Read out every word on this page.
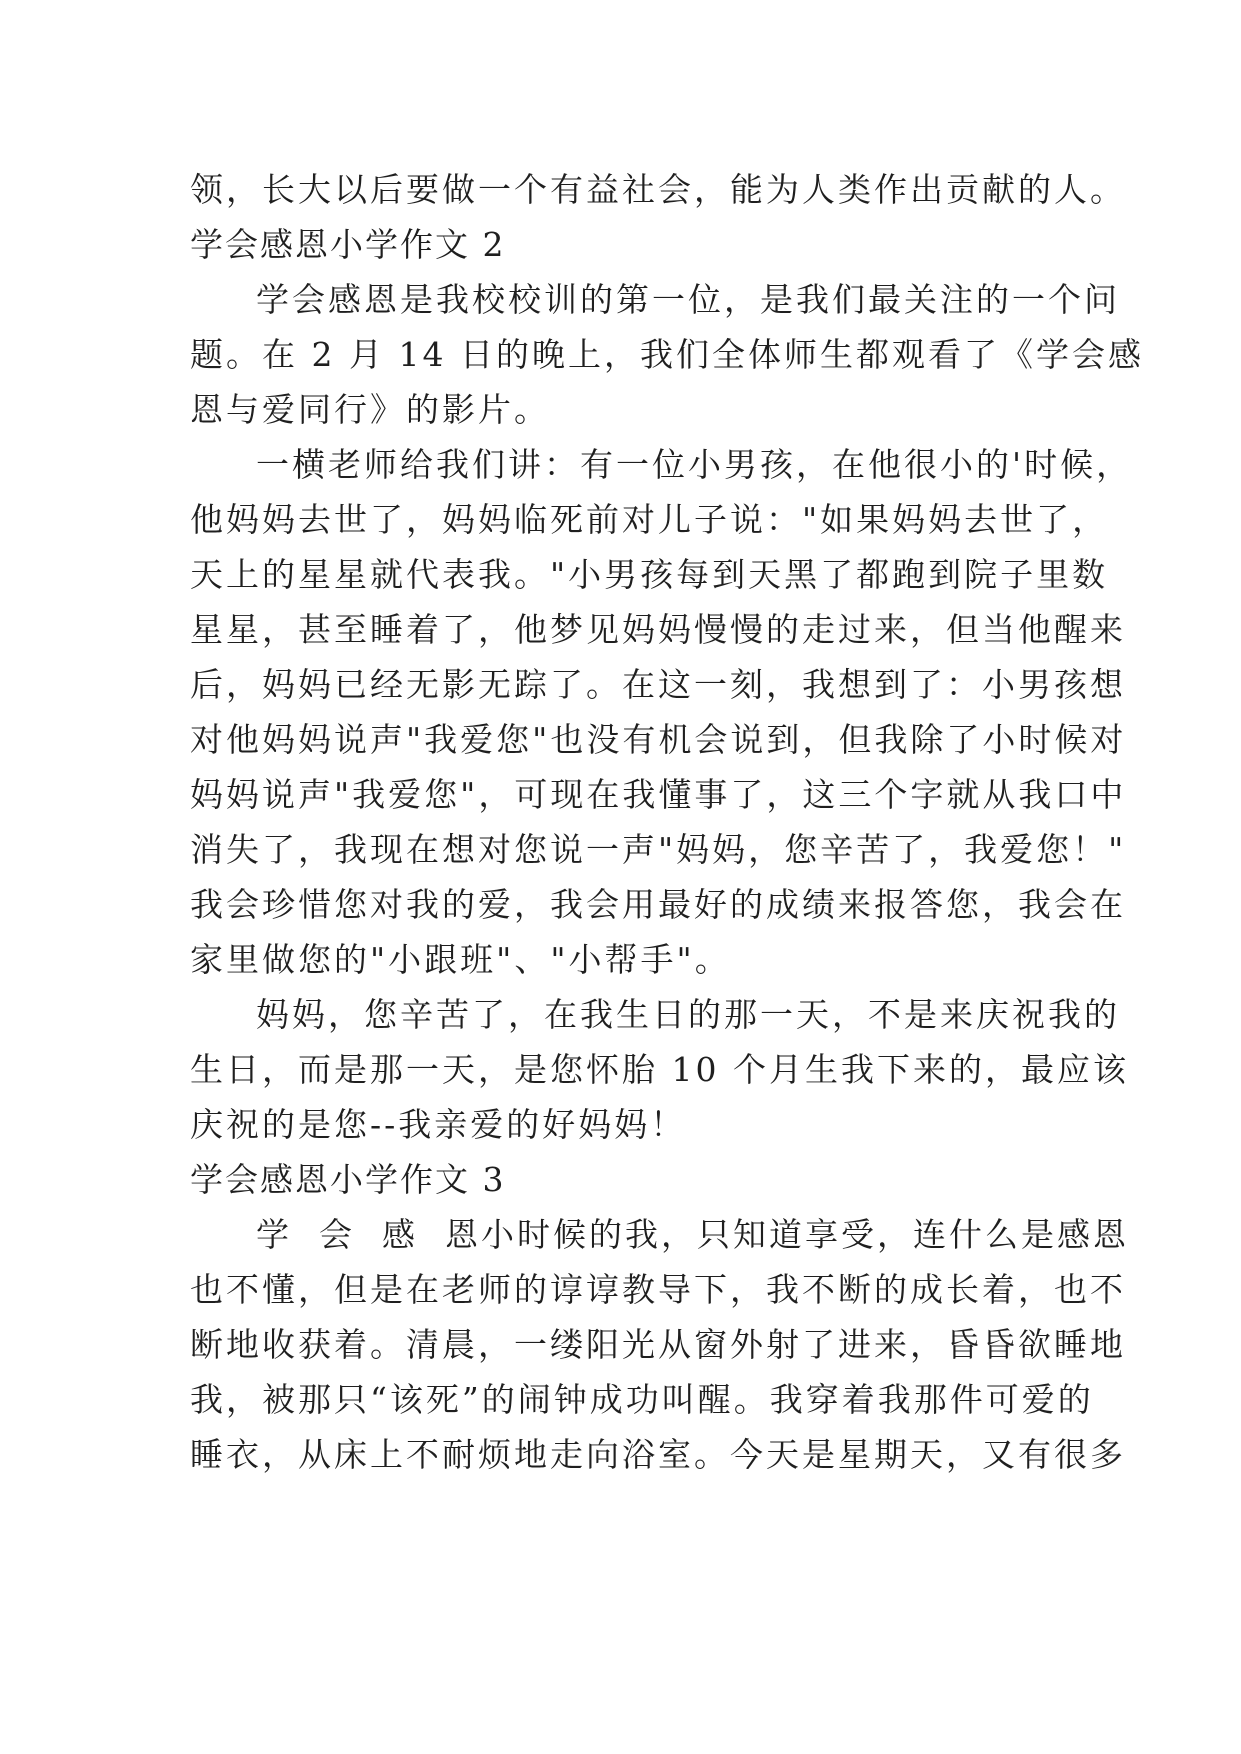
领，长大以后要做一个有益社会，能为人类作出贡献的人。
学会感恩小学作文 2
学会感恩是我校校训的第一位，是我们最关注的一个问
题。在 2 月 14 日的晚上，我们全体师生都观看了《学会感
恩与爱同行》的影片。
一横老师给我们讲：有一位小男孩，在他很小的'时候，
他妈妈去世了，妈妈临死前对儿子说："如果妈妈去世了，
天上的星星就代表我。"小男孩每到天黑了都跑到院子里数
星星，甚至睡着了，他梦见妈妈慢慢的走过来，但当他醒来
后，妈妈已经无影无踪了。在这一刻，我想到了：小男孩想
对他妈妈说声"我爱您"也没有机会说到，但我除了小时候对
妈妈说声"我爱您"，可现在我懂事了，这三个字就从我口中
消失了，我现在想对您说一声"妈妈，您辛苦了，我爱您！"
我会珍惜您对我的爱，我会用最好的成绩来报答您，我会在
家里做您的"小跟班"、"小帮手"。
妈妈，您辛苦了，在我生日的那一天，不是来庆祝我的
生日，而是那一天，是您怀胎 10 个月生我下来的，最应该
庆祝的是您--我亲爱的好妈妈！
学会感恩小学作文 3
学  会  感  恩小时候的我，只知道享受，连什么是感恩
也不懂，但是在老师的谆谆教导下，我不断的成长着，也不
断地收获着。清晨，一缕阳光从窗外射了进来，昏昏欲睡地
我，被那只“该死”的闹钟成功叫醒。我穿着我那件可爱的
睡衣，从床上不耐烦地走向浴室。今天是星期天，又有很多
